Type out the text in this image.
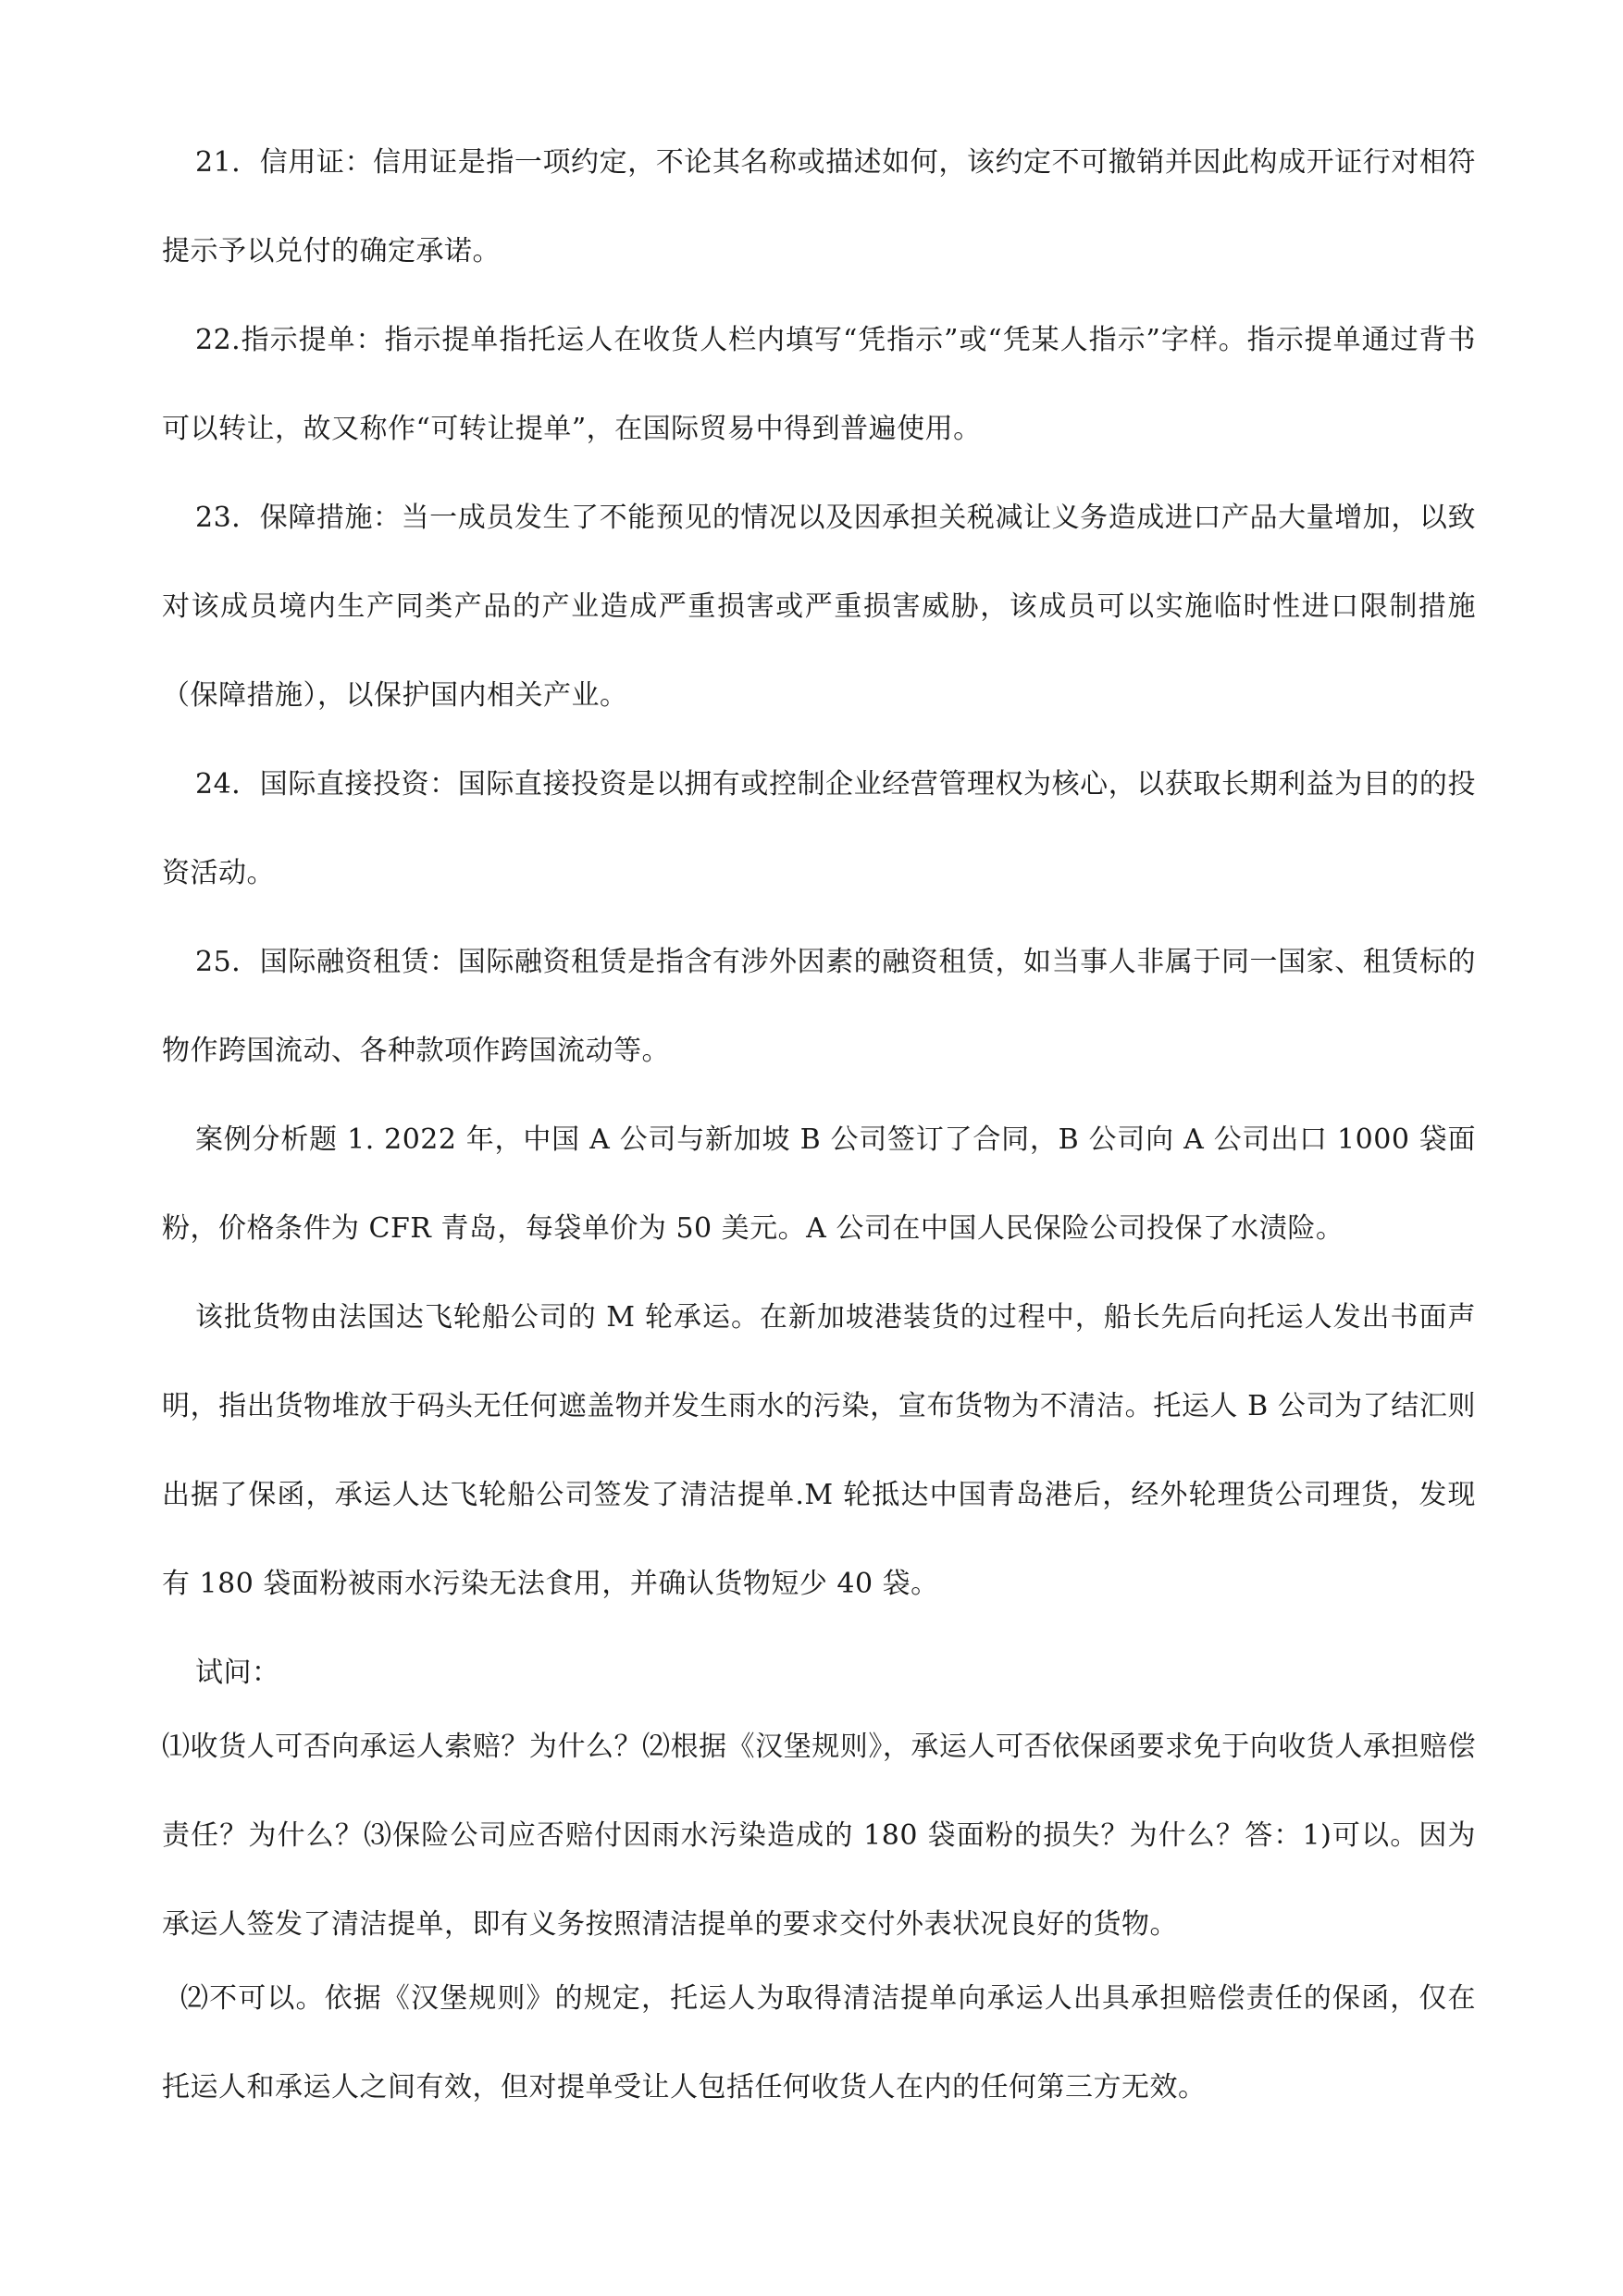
21．信用证：信用证是指一项约定，不论其名称或描述如何，该约定不可撤销并因此构成开证行对相符提示予以兑付的确定承诺。

22.指示提单：指示提单指托运人在收货人栏内填写“凭指示”或“凭某人指示”字样。指示提单通过背书可以转让，故又称作“可转让提单”，在国际贸易中得到普遍使用。

23．保障措施：当一成员发生了不能预见的情况以及因承担关税减让义务造成进口产品大量增加，以致对该成员境内生产同类产品的产业造成严重损害或严重损害威胁，该成员可以实施临时性进口限制措施（保障措施），以保护国内相关产业。

24．国际直接投资：国际直接投资是以拥有或控制企业经营管理权为核心，以获取长期利益为目的的投资活动。

25．国际融资租赁：国际融资租赁是指含有涉外因素的融资租赁，如当事人非属于同一国家、租赁标的物作跨国流动、各种款项作跨国流动等。

案例分析题 1. 2022 年，中国 A 公司与新加坡 B 公司签订了合同，B 公司向 A 公司出口 1000 袋面粉，价格条件为 CFR 青岛，每袋单价为 50 美元。A 公司在中国人民保险公司投保了水渍险。

该批货物由法国达飞轮船公司的 M 轮承运。在新加坡港装货的过程中，船长先后向托运人发出书面声明，指出货物堆放于码头无任何遮盖物并发生雨水的污染，宣布货物为不清洁。托运人 B 公司为了结汇则出据了保函，承运人达飞轮船公司签发了清洁提单.M 轮抵达中国青岛港后，经外轮理货公司理货，发现有 180 袋面粉被雨水污染无法食用，并确认货物短少 40 袋。

试问：

⑴收货人可否向承运人索赔？为什么？⑵根据《汉堡规则》，承运人可否依保函要求免于向收货人承担赔偿责任？为什么？⑶保险公司应否赔付因雨水污染造成的 180 袋面粉的损失？为什么？答：1)可以。因为承运人签发了清洁提单，即有义务按照清洁提单的要求交付外表状况良好的货物。

⑵不可以。依据《汉堡规则》的规定，托运人为取得清洁提单向承运人出具承担赔偿责任的保函，仅在托运人和承运人之间有效，但对提单受让人包括任何收货人在内的任何第三方无效。
